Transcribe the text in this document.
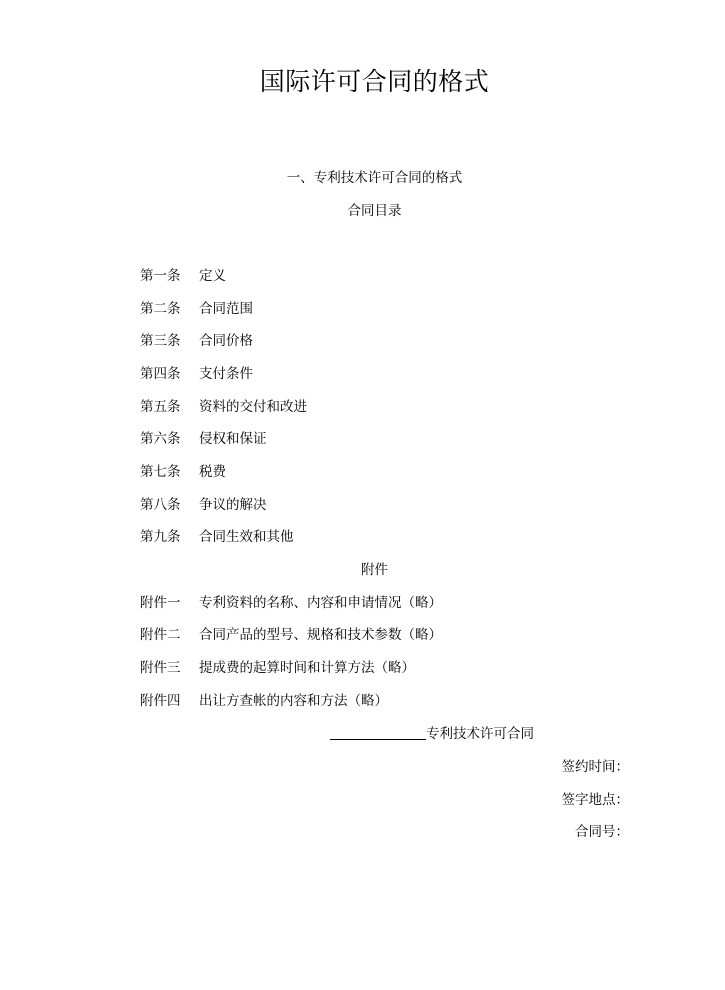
国际许可合同的格式
一、专利技术许可合同的格式
合同目录
第一条 定义
第二条 合同范围
第三条 合同价格
第四条 支付条件
第五条 资料的交付和改进
第六条 侵权和保证
第七条 税费
第八条 争议的解决
第九条 合同生效和其他
附件
附件一 专利资料的名称、内容和申请情况（略）
附件二 合同产品的型号、规格和技术参数（略）
附件三 提成费的起算时间和计算方法（略）
附件四 出让方查帐的内容和方法（略）
专利技术许可合同
签约时间：
签字地点：
合同号：
